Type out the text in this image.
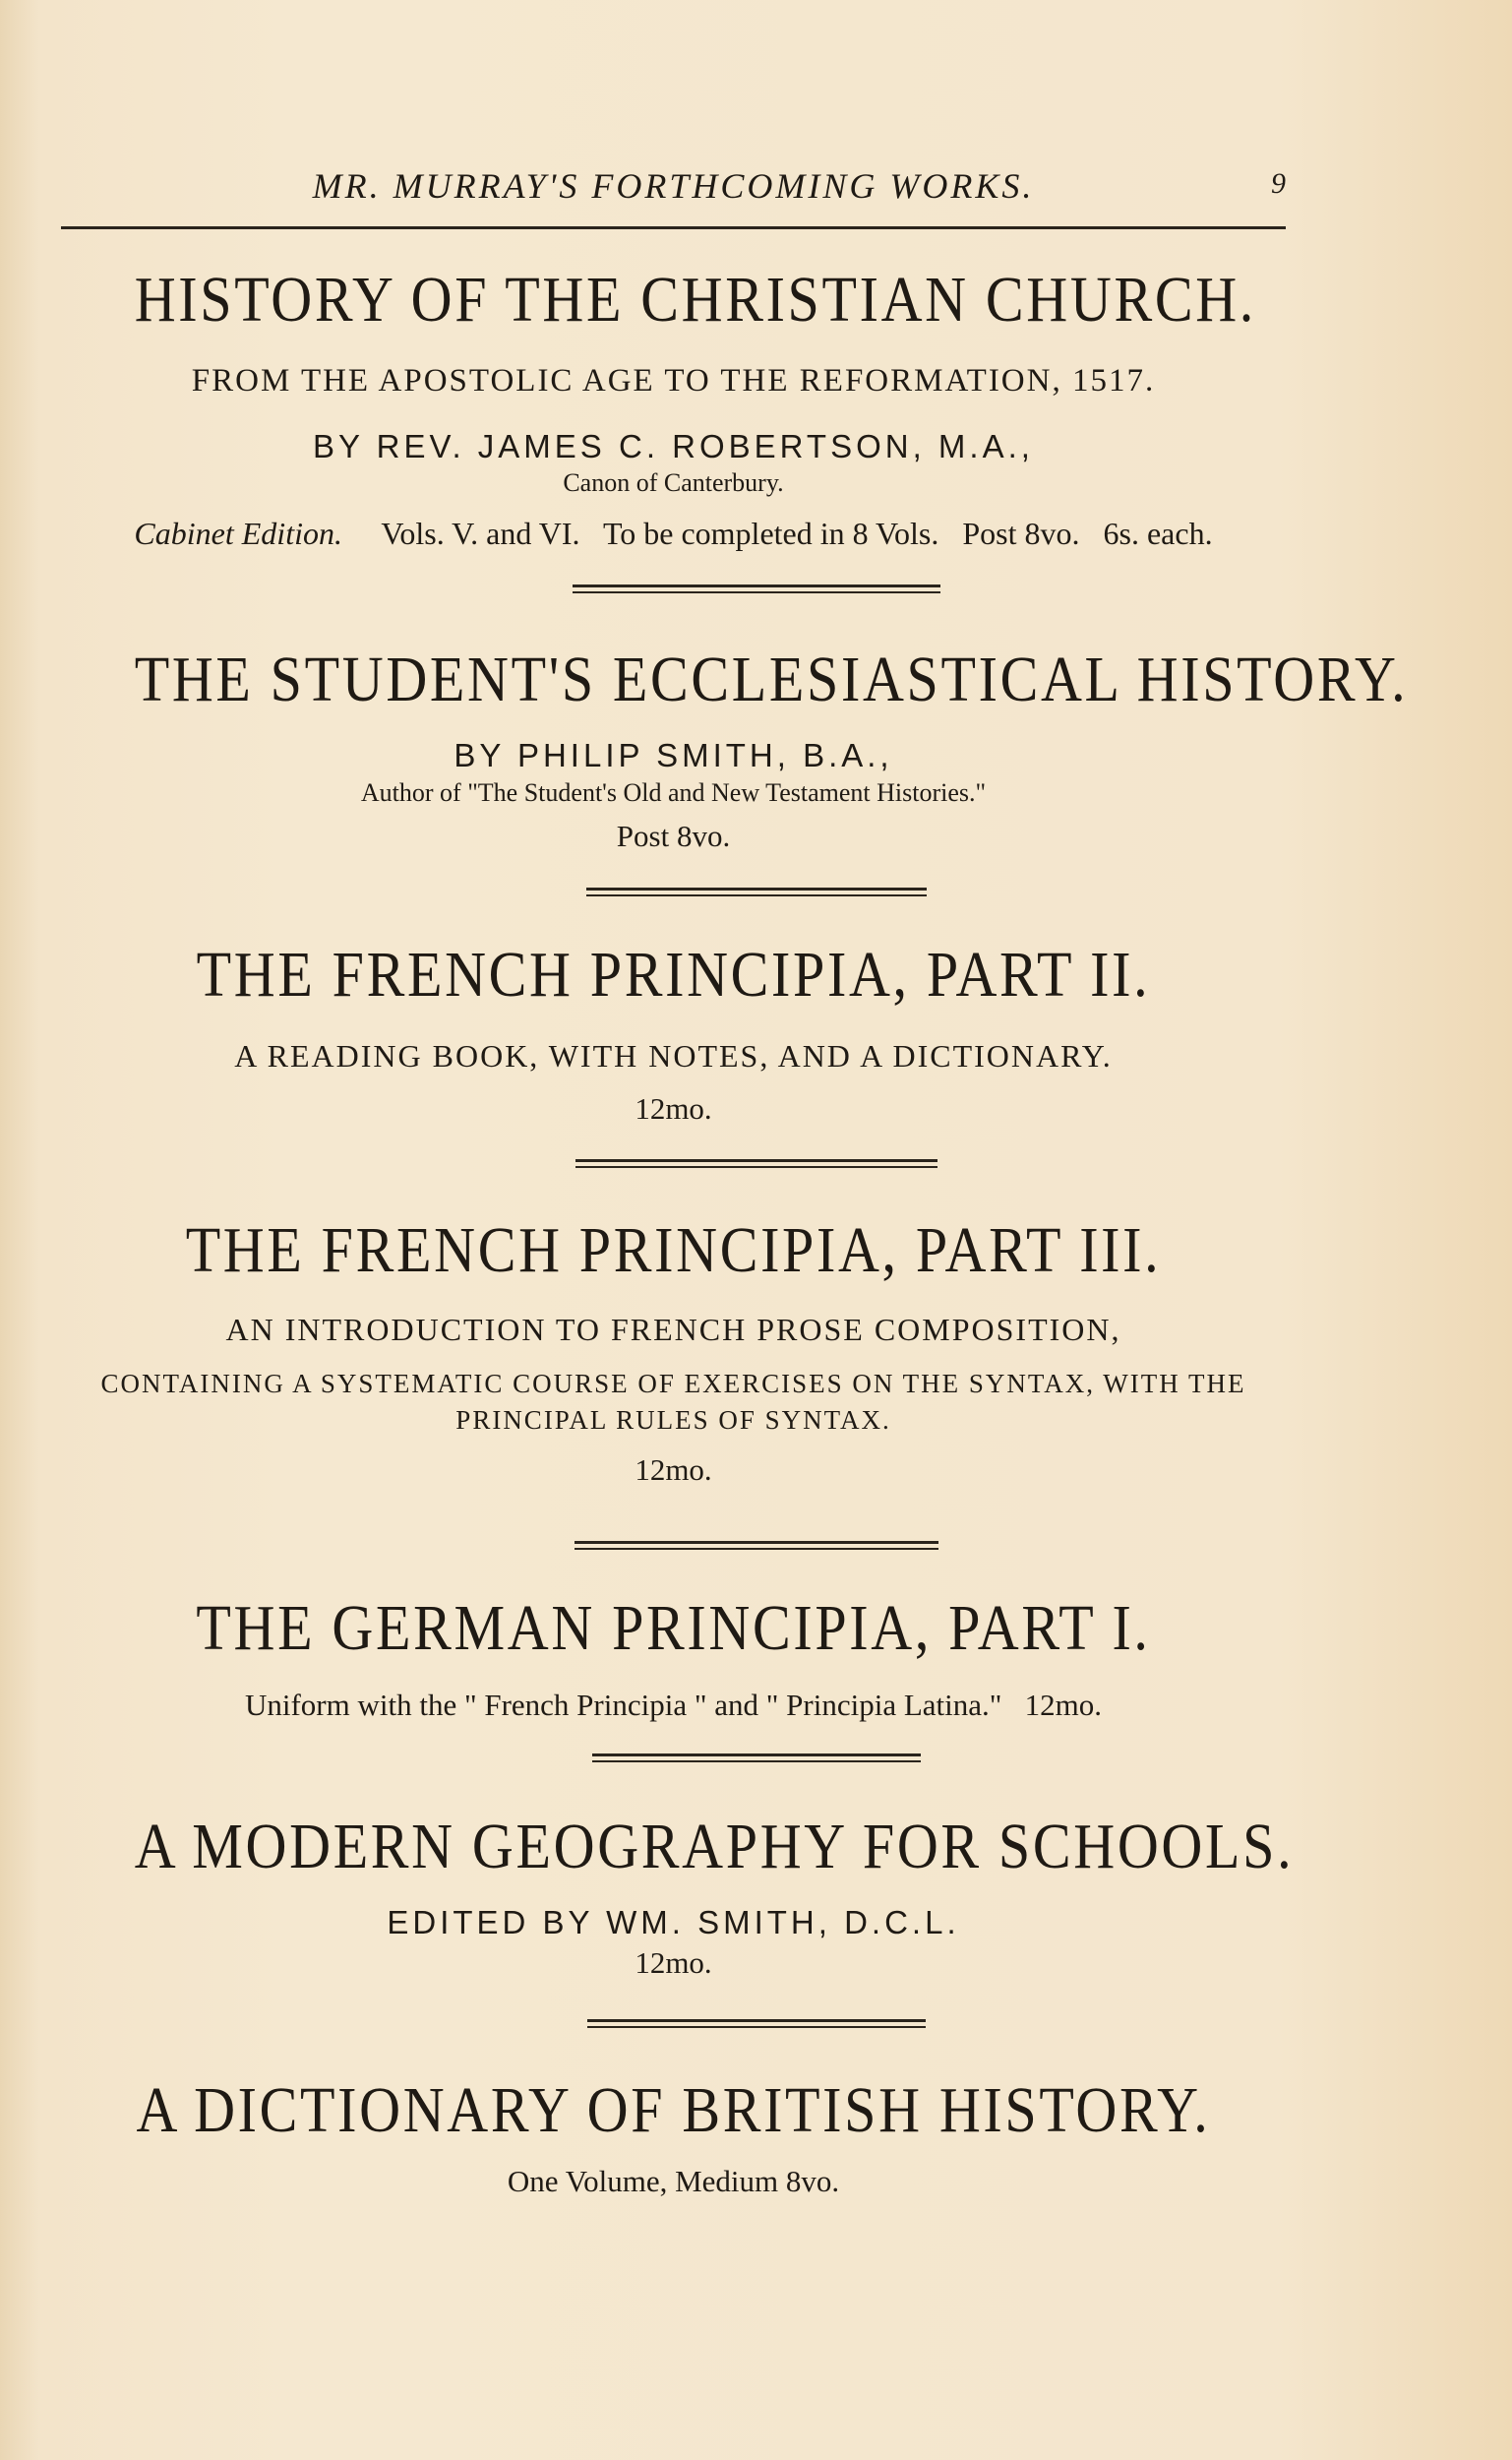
MR. MURRAY'S FORTHCOMING WORKS.	9
HISTORY OF THE CHRISTIAN CHURCH.
FROM THE APOSTOLIC AGE TO THE REFORMATION, 1517.
BY REV. JAMES C. ROBERTSON, M.A.,
Canon of Canterbury.
Cabinet Edition. Vols. V. and VI.   To be completed in 8 Vols.   Post 8vo.   6s. each.
THE STUDENT'S ECCLESIASTICAL HISTORY.
BY PHILIP SMITH, B.A.,
Author of "The Student's Old and New Testament Histories."
Post 8vo.
THE FRENCH PRINCIPIA, PART II.
A READING BOOK, WITH NOTES, AND A DICTIONARY.
12mo.
THE FRENCH PRINCIPIA, PART III.
AN INTRODUCTION TO FRENCH PROSE COMPOSITION,
CONTAINING A SYSTEMATIC COURSE OF EXERCISES ON THE SYNTAX, WITH THE
PRINCIPAL RULES OF SYNTAX.
12mo.
THE GERMAN PRINCIPIA, PART I.
Uniform with the " French Principia " and " Principia Latina."   12mo.
A MODERN GEOGRAPHY FOR SCHOOLS.
EDITED BY WM. SMITH, D.C.L.
12mo.
A DICTIONARY OF BRITISH HISTORY.
One Volume, Medium 8vo.
